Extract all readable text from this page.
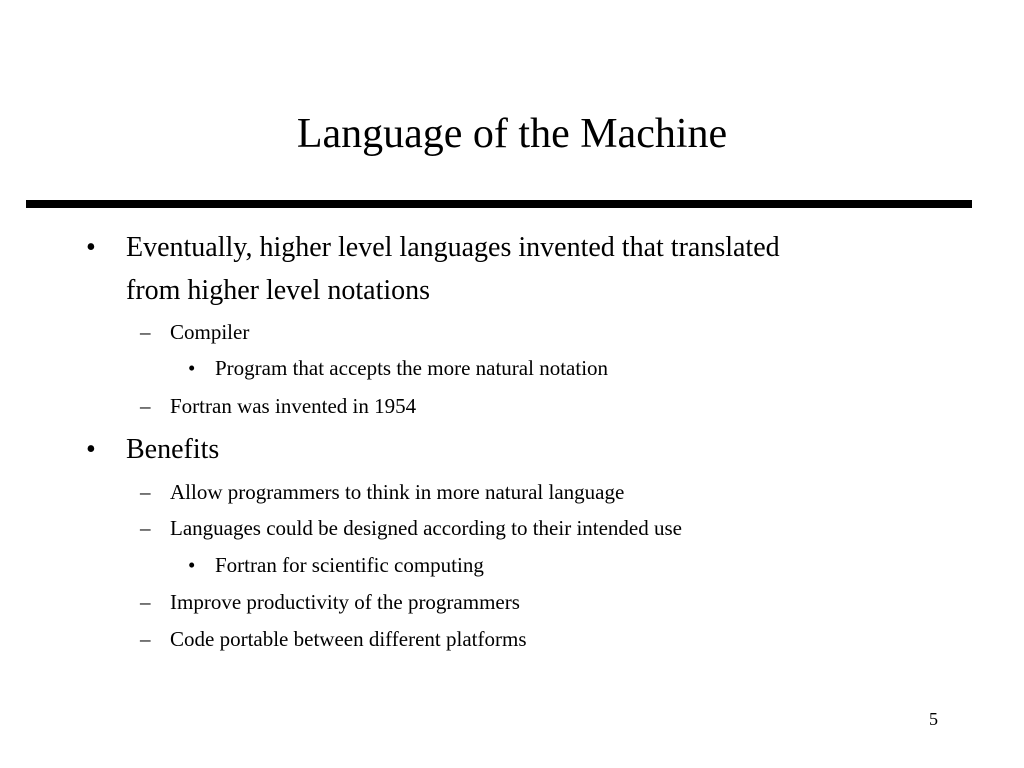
Language of the Machine
• Eventually, higher level languages invented that translated
from higher level notations
– Compiler
• Program that accepts the more natural notation
– Fortran was invented in 1954
• Benefits
– Allow programmers to think in more natural language
– Languages could be designed according to their intended use
• Fortran for scientific computing
– Improve productivity of the programmers
– Code portable between different platforms
5
